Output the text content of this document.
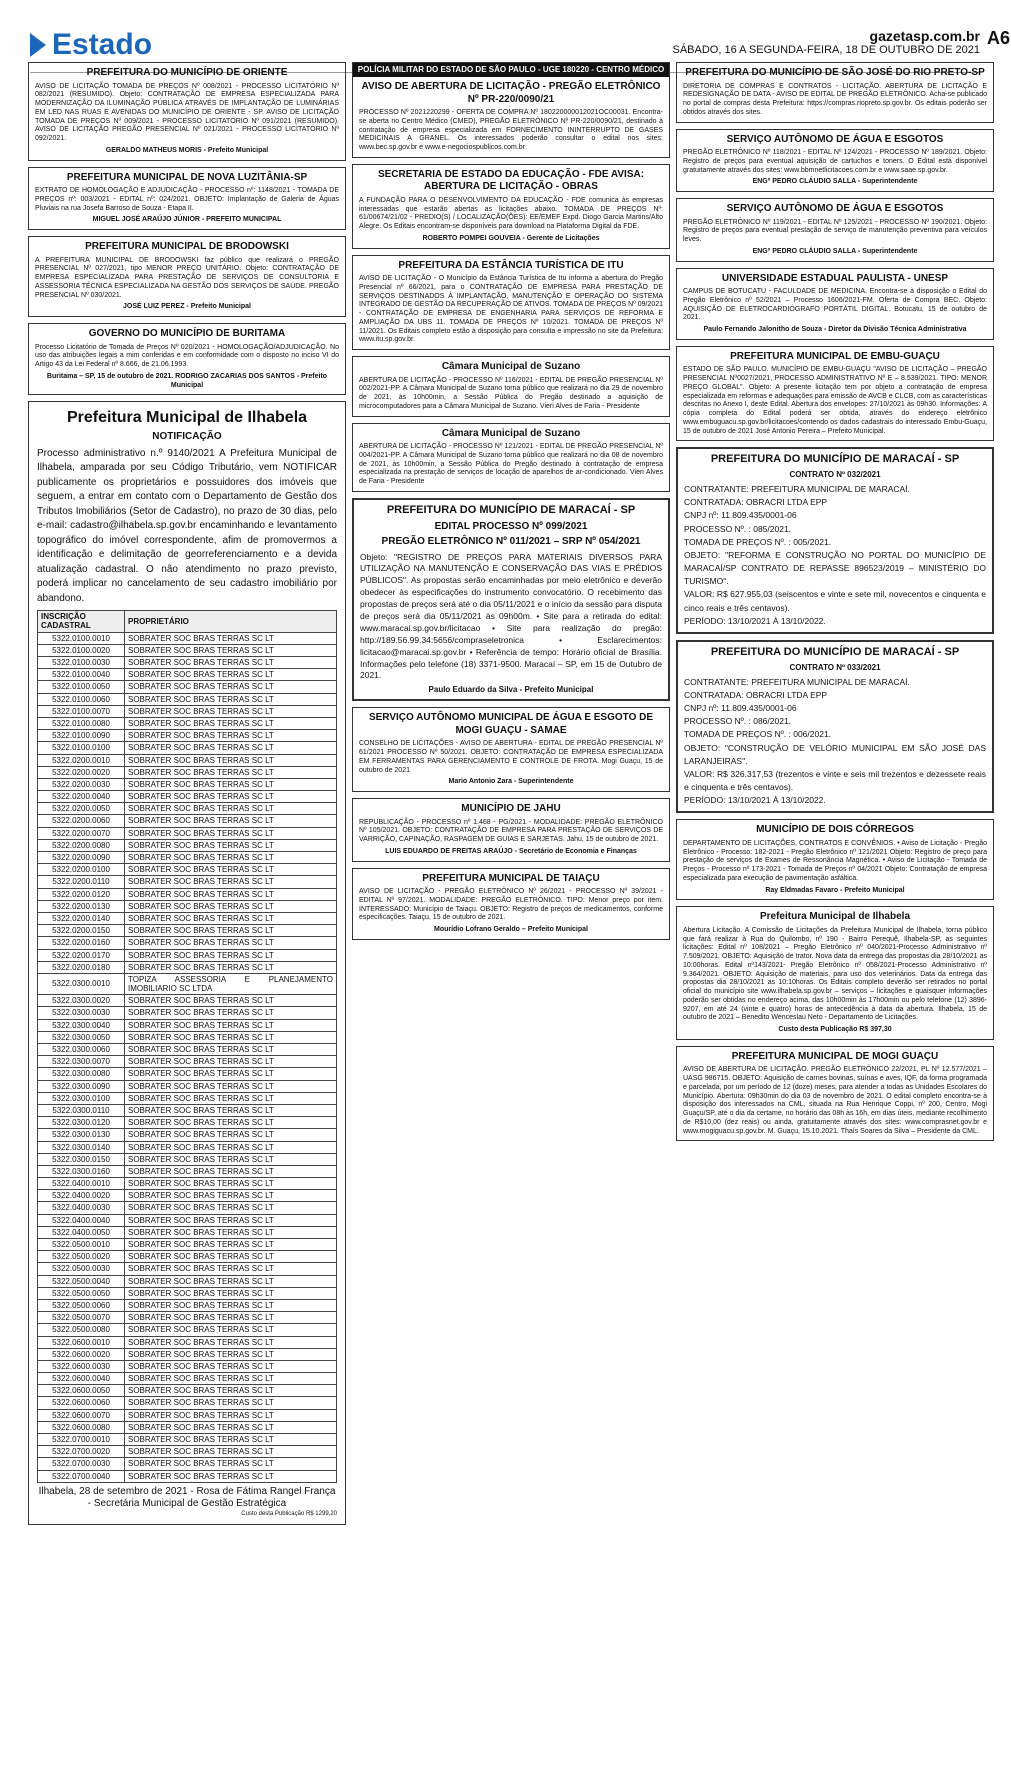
Estado	gazetasp.com.br
SÁBADO, 16 A SEGUNDA-FEIRA, 18 DE OUTUBRO DE 2021
A6
PREFEITURA DO MUNICÍPIO DE ORIENTE
AVISO DE LICITAÇÃO TOMADA DE PREÇOS Nº 008/2021 - PROCESSO LICITATÓRIO Nº 082/2021 (RESUMIDO). Objeto: CONTRATAÇÃO DE EMPRESA ESPECIALIZADA PARA MODERNIZAÇÃO DA ILUMINAÇÃO PÚBLICA ATRAVÉS DE IMPLANTAÇÃO DE LUMINÁRIAS EM LED NAS RUAS E AVENIDAS DO MUNICÍPIO DE ORIENTE - SP. AVISO DE LICITAÇÃO TOMADA DE PREÇOS Nº 009/2021 - PROCESSO LICITATÓRIO Nº 091/2021 (RESUMIDO). AVISO DE LICITAÇÃO PREGÃO PRESENCIAL Nº 021/2021 - PROCESSO LICITATÓRIO Nº 092/2021.
GERALDO MATHEUS MORIS - Prefeito Municipal
PREFEITURA MUNICIPAL DE NOVA LUZITÂNIA-SP
EXTRATO DE HOMOLOGAÇÃO E ADJUDICAÇÃO - PROCESSO nº: 1148/2021 - TOMADA DE PREÇOS nº: 003/2021 - EDITAL nº: 024/2021. OBJETO: Implantação de Galeria de Águas Pluviais na rua Josefa Barroso de Souza - Etapa II.
MIGUEL JOSÉ ARAÚJO JÚNIOR - PREFEITO MUNICIPAL
PREFEITURA MUNICIPAL DE BRODOWSKI
A PREFEITURA MUNICIPAL DE BRODOWSKI faz público que realizará o PREGÃO PRESENCIAL Nº 027/2021, tipo MENOR PREÇO UNITÁRIO. Objeto: CONTRATAÇÃO DE EMPRESA ESPECIALIZADA PARA PRESTAÇÃO DE SERVIÇOS DE CONSULTORIA E ASSESSORIA TÉCNICA ESPECIALIZADA NA GESTÃO DOS SERVIÇOS DE SAÚDE. PREGÃO PRESENCIAL Nº 030/2021.
JOSÉ LUIZ PEREZ - Prefeito Municipal
GOVERNO DO MUNICÍPIO DE BURITAMA
Processo Licitatório de Tomada de Preços Nº 020/2021 - HOMOLOGAÇÃO/ADJUDICAÇÃO. No uso das atribuições legais a mim conferidas e em conformidade com o disposto no inciso VI do Artigo 43 da Lei Federal nº 8.666, de 21.06.1993.
Buritama – SP, 15 de outubro de 2021. RODRIGO ZACARIAS DOS SANTOS - Prefeito Municipal
Prefeitura Municipal de Ilhabela
NOTIFICAÇÃO
Processo administrativo n.º 9140/2021 A Prefeitura Municipal de Ilhabela, amparada por seu Código Tributário, vem NOTIFICAR publicamente os proprietários e possuidores dos imóveis que seguem, a entrar em contato com o Departamento de Gestão dos Tributos Imobiliários (Setor de Cadastro), no prazo de 30 dias, pelo e-mail: cadastro@ilhabela.sp.gov.br encaminhando e levantamento topográfico do imóvel correspondente, afim de promovermos a identificação e delimitação de georreferenciamento e a devida atualização cadastral. O não atendimento no prazo previsto, poderá implicar no cancelamento de seu cadastro imobiliário por abandono.
INSCRIÇÃO CADASTRAL	PROPRIETÁRIO
5322.0100.0010	SOBRATER SOC BRAS TERRAS SC LT
5322.0100.0020	SOBRATER SOC BRAS TERRAS SC LT
5322.0100.0030	SOBRATER SOC BRAS TERRAS SC LT
5322.0100.0040	SOBRATER SOC BRAS TERRAS SC LT
5322.0100.0050	SOBRATER SOC BRAS TERRAS SC LT
5322.0100.0060	SOBRATER SOC BRAS TERRAS SC LT
5322.0100.0070	SOBRATER SOC BRAS TERRAS SC LT
5322.0100.0080	SOBRATER SOC BRAS TERRAS SC LT
5322.0100.0090	SOBRATER SOC BRAS TERRAS SC LT
5322.0100.0100	SOBRATER SOC BRAS TERRAS SC LT
5322.0200.0010	SOBRATER SOC BRAS TERRAS SC LT
5322.0200.0020	SOBRATER SOC BRAS TERRAS SC LT
5322.0200.0030	SOBRATER SOC BRAS TERRAS SC LT
5322.0200.0040	SOBRATER SOC BRAS TERRAS SC LT
5322.0200.0050	SOBRATER SOC BRAS TERRAS SC LT
5322.0200.0060	SOBRATER SOC BRAS TERRAS SC LT
5322.0200.0070	SOBRATER SOC BRAS TERRAS SC LT
5322.0200.0080	SOBRATER SOC BRAS TERRAS SC LT
5322.0200.0090	SOBRATER SOC BRAS TERRAS SC LT
5322.0200.0100	SOBRATER SOC BRAS TERRAS SC LT
5322.0200.0110	SOBRATER SOC BRAS TERRAS SC LT
5322.0200.0120	SOBRATER SOC BRAS TERRAS SC LT
5322.0200.0130	SOBRATER SOC BRAS TERRAS SC LT
5322.0200.0140	SOBRATER SOC BRAS TERRAS SC LT
5322.0200.0150	SOBRATER SOC BRAS TERRAS SC LT
5322.0200.0160	SOBRATER SOC BRAS TERRAS SC LT
5322.0200.0170	SOBRATER SOC BRAS TERRAS SC LT
5322.0200.0180	SOBRATER SOC BRAS TERRAS SC LT
5322.0300.0010	TOPIZA ASSESSORIA E PLANEJAMENTO IMOBILIARIO SC LTDA
5322.0300.0020	SOBRATER SOC BRAS TERRAS SC LT
5322.0300.0030	SOBRATER SOC BRAS TERRAS SC LT
5322.0300.0040	SOBRATER SOC BRAS TERRAS SC LT
5322.0300.0050	SOBRATER SOC BRAS TERRAS SC LT
5322.0300.0060	SOBRATER SOC BRAS TERRAS SC LT
5322.0300.0070	SOBRATER SOC BRAS TERRAS SC LT
5322.0300.0080	SOBRATER SOC BRAS TERRAS SC LT
5322.0300.0090	SOBRATER SOC BRAS TERRAS SC LT
5322.0300.0100	SOBRATER SOC BRAS TERRAS SC LT
5322.0300.0110	SOBRATER SOC BRAS TERRAS SC LT
5322.0300.0120	SOBRATER SOC BRAS TERRAS SC LT
5322.0300.0130	SOBRATER SOC BRAS TERRAS SC LT
5322.0300.0140	SOBRATER SOC BRAS TERRAS SC LT
5322.0300.0150	SOBRATER SOC BRAS TERRAS SC LT
5322.0300.0160	SOBRATER SOC BRAS TERRAS SC LT
5322.0400.0010	SOBRATER SOC BRAS TERRAS SC LT
5322.0400.0020	SOBRATER SOC BRAS TERRAS SC LT
5322.0400.0030	SOBRATER SOC BRAS TERRAS SC LT
5322.0400.0040	SOBRATER SOC BRAS TERRAS SC LT
5322.0400.0050	SOBRATER SOC BRAS TERRAS SC LT
5322.0500.0010	SOBRATER SOC BRAS TERRAS SC LT
5322.0500.0020	SOBRATER SOC BRAS TERRAS SC LT
5322.0500.0030	SOBRATER SOC BRAS TERRAS SC LT
5322.0500.0040	SOBRATER SOC BRAS TERRAS SC LT
5322.0500.0050	SOBRATER SOC BRAS TERRAS SC LT
5322.0500.0060	SOBRATER SOC BRAS TERRAS SC LT
5322.0500.0070	SOBRATER SOC BRAS TERRAS SC LT
5322.0500.0080	SOBRATER SOC BRAS TERRAS SC LT
5322.0600.0010	SOBRATER SOC BRAS TERRAS SC LT
5322.0600.0020	SOBRATER SOC BRAS TERRAS SC LT
5322.0600.0030	SOBRATER SOC BRAS TERRAS SC LT
5322.0600.0040	SOBRATER SOC BRAS TERRAS SC LT
5322.0600.0050	SOBRATER SOC BRAS TERRAS SC LT
5322.0600.0060	SOBRATER SOC BRAS TERRAS SC LT
5322.0600.0070	SOBRATER SOC BRAS TERRAS SC LT
5322.0600.0080	SOBRATER SOC BRAS TERRAS SC LT
5322.0700.0010	SOBRATER SOC BRAS TERRAS SC LT
5322.0700.0020	SOBRATER SOC BRAS TERRAS SC LT
5322.0700.0030	SOBRATER SOC BRAS TERRAS SC LT
5322.0700.0040	SOBRATER SOC BRAS TERRAS SC LT
Ilhabela, 28 de setembro de 2021 - Rosa de Fátima Rangel França - Secretária Municipal de Gestão Estratégica
Custo desta Publicação R$ 1299,20
POLÍCIA MILITAR DO ESTADO DE SÃO PAULO - UGE 180220 - CENTRO MÉDICO
AVISO DE ABERTURA DE LICITAÇÃO - PREGÃO ELETRÔNICO Nº PR-220/0090/21
PROCESSO Nº 2021220299 - OFERTA DE COMPRA Nº 180220000012021OC00031. Encontra-se aberta no Centro Médico (CMED), PREGÃO ELETRÔNICO Nº PR-220/0090/21, destinado à contratação de empresa especializada em FORNECIMENTO ININTERRUPTO DE GASES MEDICINAIS A GRANEL. Os interessados poderão consultar o edital nos sites: www.bec.sp.gov.br e www.e-negociospublicos.com.br
SECRETARIA DE ESTADO DA EDUCAÇÃO - FDE AVISA: ABERTURA DE LICITAÇÃO - OBRAS
A FUNDAÇÃO PARA O DESENVOLVIMENTO DA EDUCAÇÃO - FDE comunica às empresas interessadas que estarão abertas as licitações abaixo. TOMADA DE PREÇOS Nº: 61/00674/21/02 - PREDIO(S) / LOCALIZAÇÃO(ÕES): EE/EMEF Expd. Diogo Garcia Martins/Alto Alegre. Os Editais encontram-se disponíveis para download na Plataforma Digital da FDE.
ROBERTO POMPEI GOUVEIA - Gerente de Licitações
PREFEITURA DA ESTÂNCIA TURÍSTICA DE ITU
AVISO DE LICITAÇÃO - O Município da Estância Turística de Itu informa a abertura do Pregão Presencial nº 66/2021, para o CONTRATAÇÃO DE EMPRESA PARA PRESTAÇÃO DE SERVIÇOS DESTINADOS À IMPLANTAÇÃO, MANUTENÇÃO E OPERAÇÃO DO SISTEMA INTEGRADO DE GESTÃO DA RECUPERAÇÃO DE ATIVOS. TOMADA DE PREÇOS Nº 09/2021 - CONTRATAÇÃO DE EMPRESA DE ENGENHARIA PARA SERVIÇOS DE REFORMA E AMPLIAÇÃO DA UBS 11. TOMADA DE PREÇOS Nº 10/2021. TOMADA DE PREÇOS Nº 11/2021. Os Editais completo estão à disposição para consulta e impressão no site da Prefeitura: www.itu.sp.gov.br.
Câmara Municipal de Suzano
ABERTURA DE LICITAÇÃO - PROCESSO Nº 116/2021 - EDITAL DE PREGÃO PRESENCIAL Nº 002/2021-PP. A Câmara Municipal de Suzano torna público que realizará no dia 29 de novembro de 2021, às 10h00min, a Sessão Pública do Pregão destinado a aquisição de microcomputadores para a Câmara Municipal de Suzano. Vieri Alves de Faria - Presidente
Câmara Municipal de Suzano
ABERTURA DE LICITAÇÃO - PROCESSO Nº 121/2021 - EDITAL DE PREGÃO PRESENCIAL Nº 004/2021-PP. A Câmara Municipal de Suzano torna público que realizará no dia 08 de novembro de 2021, às 10h00min, a Sessão Pública do Pregão destinado à contratação de empresa especializada na prestação de serviços de locação de aparelhos de ar-condicionado. Vieri Alves de Faria - Presidente
PREFEITURA DO MUNICÍPIO DE MARACAÍ - SP
EDITAL PROCESSO Nº 099/2021
PREGÃO ELETRÔNICO Nº 011/2021 – SRP Nº 054/2021
Objeto: "REGISTRO DE PREÇOS PARA MATERIAIS DIVERSOS PARA UTILIZAÇÃO NA MANUTENÇÃO E CONSERVAÇÃO DAS VIAS E PRÉDIOS PÚBLICOS". As propostas serão encaminhadas por meio eletrônico e deverão obedecer às especificações do instrumento convocatório. O recebimento das propostas de preços será até o dia 05/11/2021 e o início da sessão para disputa de preços será dia 05/11/2021 às 09h00m. • Site para a retirada do edital: www.maracai.sp.gov.br/licitacao • Site para realização do pregão: http://189.56.99.34:5656/compraseletronica • Esclarecimentos: licitacao@maracai.sp.gov.br • Referência de tempo: Horário oficial de Brasília. Informações pelo telefone (18) 3371-9500. Maracaí – SP, em 15 de Outubro de 2021.
Paulo Eduardo da Silva - Prefeito Municipal
SERVIÇO AUTÔNOMO MUNICIPAL DE ÁGUA E ESGOTO DE MOGI GUAÇU - SAMAE
CONSELHO DE LICITAÇÕES - AVISO DE ABERTURA - EDITAL DE PREGÃO PRESENCIAL Nº 61/2021 PROCESSO Nº 50/2021. OBJETO: CONTRATAÇÃO DE EMPRESA ESPECIALIZADA EM FERRAMENTAS PARA GERENCIAMENTO E CONTROLE DE FROTA. Mogi Guaçu, 15 de outubro de 2021
Mario Antonio Zara - Superintendente
MUNICÍPIO DE JAHU
REPUBLICAÇÃO - PROCESSO nº 1.468 - PG/2021 - MODALIDADE: PREGÃO ELETRÔNICO Nº 105/2021. OBJETO: CONTRATAÇÃO DE EMPRESA PARA PRESTAÇÃO DE SERVIÇOS DE VARRIÇÃO, CAPINAÇÃO, RASPAGEM DE GUIAS E SARJETAS. Jahu, 15 de outubro de 2021.
LUIS EDUARDO DE FREITAS ARAÚJO - Secretário de Economia e Finanças
PREFEITURA MUNICIPAL DE TAIAÇU
AVISO DE LICITAÇÃO - PREGÃO ELETRÔNICO Nº 26/2021 - PROCESSO Nº 39/2021 - EDITAL Nº 97/2021. MODALIDADE: PREGÃO ELETRÔNICO. TIPO: Menor preço por item. INTERESSADO: Município de Taiaçu. OBJETO: Registro de preços de medicamentos, conforme especificações. Taiaçu, 15 de outubro de 2021.
Mouridio Lofrano Geraldo – Prefeito Municipal
PREFEITURA DO MUNICÍPIO DE SÃO JOSÉ DO RIO PRETO-SP
DIRETORIA DE COMPRAS E CONTRATOS - LICITAÇÃO. ABERTURA DE LICITAÇÃO E REDESIGNAÇÃO DE DATA - AVISO DE EDITAL DE PREGÃO ELETRÔNICO. Acha-se publicado no portal de compras desta Prefeitura: https://compras.riopreto.sp.gov.br. Os editais poderão ser obtidos através dos sites.
SERVIÇO AUTÔNOMO DE ÁGUA E ESGOTOS
PREGÃO ELETRÔNICO Nº 118/2021 - EDITAL Nº 124/2021 - PROCESSO Nº 189/2021. Objeto: Registro de preços para eventual aquisição de cartuchos e toners. O Edital está disponível gratuitamente através dos sites: www.bbmnetlicitacoes.com.br e www.saae.sp.gov.br.
ENGº PEDRO CLÁUDIO SALLA - Superintendente
SERVIÇO AUTÔNOMO DE ÁGUA E ESGOTOS
PREGÃO ELETRÔNICO Nº 119/2021 - EDITAL Nº 125/2021 - PROCESSO Nº 190/2021. Objeto: Registro de preços para eventual prestação de serviço de manutenção preventiva para veículos leves.
ENGº PEDRO CLÁUDIO SALLA - Superintendente
UNIVERSIDADE ESTADUAL PAULISTA - UNESP
CAMPUS DE BOTUCATU - FACULDADE DE MEDICINA. Encontra-se à disposição o Edital do Pregão Eletrônico nº 52/2021 – Processo 1606/2021-FM. Oferta de Compra BEC. Objeto: AQUISIÇÃO DE ELETROCARDIÓGRAFO PORTÁTIL DIGITAL. Botucatu, 15 de outubro de 2021.
Paulo Fernando Jalonitho de Souza - Diretor da Divisão Técnica Administrativa
PREFEITURA MUNICIPAL DE EMBU-GUAÇU
ESTADO DE SÃO PAULO. MUNICÍPIO DE EMBU-GUAÇU "AVISO DE LICITAÇÃO – PREGÃO PRESENCIAL Nº0027/2021, PROCESSO ADMINISTRATIVO Nº E – 8.539/2021. TIPO: MENOR PREÇO GLOBAL". Objeto: A presente licitação tem por objeto a contratação de empresa especializada em reformas e adequações para emissão de AVCB e CLCB, com as características descritas no Anexo I, deste Edital. Abertura dos envelopes: 27/10/2021 às 09h30. Informações: A cópia completa do Edital poderá ser obtida, através do endereço eletrônico www.embuguacu.sp.gov.br/licitacoes/contendo os dados cadastrais do interessado Embu-Guaçu, 15 de outubro de 2021 José Antonio Pereira – Prefeito Municipal.
PREFEITURA DO MUNICÍPIO DE MARACAÍ - SP
CONTRATO Nº 032/2021
CONTRATANTE: PREFEITURA MUNICIPAL DE MARACAÍ.
CONTRATADA: OBRACRI LTDA EPP
CNPJ nº: 11.809.435/0001-06
PROCESSO Nº. : 085/2021.
TOMADA DE PREÇOS Nº. : 005/2021.
OBJETO: "REFORMA E CONSTRUÇÃO NO PORTAL DO MUNICÍPIO DE MARACAÍ/SP CONTRATO DE REPASSE 896523/2019 – MINISTÉRIO DO TURISMO".
VALOR: R$ 627.955,03 (seiscentos e vinte e sete mil, novecentos e cinquenta e cinco reais e três centavos).
PERÍODO: 13/10/2021 À 13/10/2022.
PREFEITURA DO MUNICÍPIO DE MARACAÍ - SP
CONTRATO Nº 033/2021
CONTRATANTE: PREFEITURA MUNICIPAL DE MARACAÍ.
CONTRATADA: OBRACRI LTDA EPP
CNPJ nº: 11.809.435/0001-06
PROCESSO Nº. : 086/2021.
TOMADA DE PREÇOS Nº. : 006/2021.
OBJETO: "CONSTRUÇÃO DE VELÓRIO MUNICIPAL EM SÃO JOSÉ DAS LARANJEIRAS".
VALOR: R$ 326.317,53 (trezentos e vinte e seis mil trezentos e dezessete reais e cinquenta e três centavos).
PERÍODO: 13/10/2021 À 13/10/2022.
MUNICÍPIO DE DOIS CÓRREGOS
DEPARTAMENTO DE LICITAÇÕES, CONTRATOS E CONVÊNIOS. • Aviso de Licitação - Pregão Eletrônico - Processo: 182-2021 - Pregão Eletrônico nº 121/2021 Objeto: Registro de preço para prestação de serviços de Exames de Ressonância Magnética. • Aviso de Licitação - Tomada de Preços - Processo nº 173-2021 - Tomada de Preços nº 04/2021 Objeto: Contratação de empresa especializada para execução de pavimentação asfáltica.
Ray Eldmadas Favaro - Prefeito Municipal
Prefeitura Municipal de Ilhabela
Abertura Licitação. A Comissão de Licitações da Prefeitura Municipal de Ilhabela, torna público que fará realizar à Rua do Quilombo, nº 190 - Bairro Perequê, Ilhabela-SP, as seguintes licitações: Edital nº 108/2021 – Pregão Eletrônico nº 040/2021-Processo Administrativo nº 7.509/2021. OBJETO: Aquisição de trator. Nova data da entrega das propostas dia 28/10/2021 as 10:00horas. Edital nº143/2021- Pregão Eletrônico nº 058/2021-Processo Administrativo nº 9.364/2021. OBJETO: Aquisição de materiais, para uso dos veterinários. Data da entrega das propostas dia 28/10/2021 as 10:10horas. Os Editais completo deverão ser retirados no portal oficial do município site www.ilhabela.sp.gov.br – serviços – licitações e quaisquer informações poderão ser obtidas no endereço acima, das 10h00min às 17h00min ou pelo telefone (12) 3896-9207, em até 24 (vinte e quatro) horas de antecedência à data da abertura. Ilhabela, 15 de outubro de 2021 – Benedito Wenceslau Neto - Departamento de Licitações.
Custo desta Publicação R$ 397,30
PREFEITURA MUNICIPAL DE MOGI GUAÇU
AVISO DE ABERTURA DE LICITAÇÃO. PREGÃO ELETRÔNICO 22/2021, PL Nº 12.577/2021 – UASG 986715. OBJETO: Aquisição de carnes bovinas, suínas e aves, IQF, da forma programada e parcelada, por um período de 12 (doze) meses, para atender a todas as Unidades Escolares do Município. Abertura: 09h30min do dia 03 de novembro de 2021. O edital completo encontra-se à disposição dos interessados na CML, situada na Rua Henrique Coppi, nº 200, Centro, Mogi Guaçu/SP, até o dia da certame, no horário das 08h às 16h, em dias úteis, mediante recolhimento de R$10,00 (dez reais) ou ainda, gratuitamente através dos sites: www.comprasnet.gov.br e www.mogiguacu.sp.gov.br. M. Guaçu, 15.10.2021. Thaís Soares da Silva – Presidente da CML.
